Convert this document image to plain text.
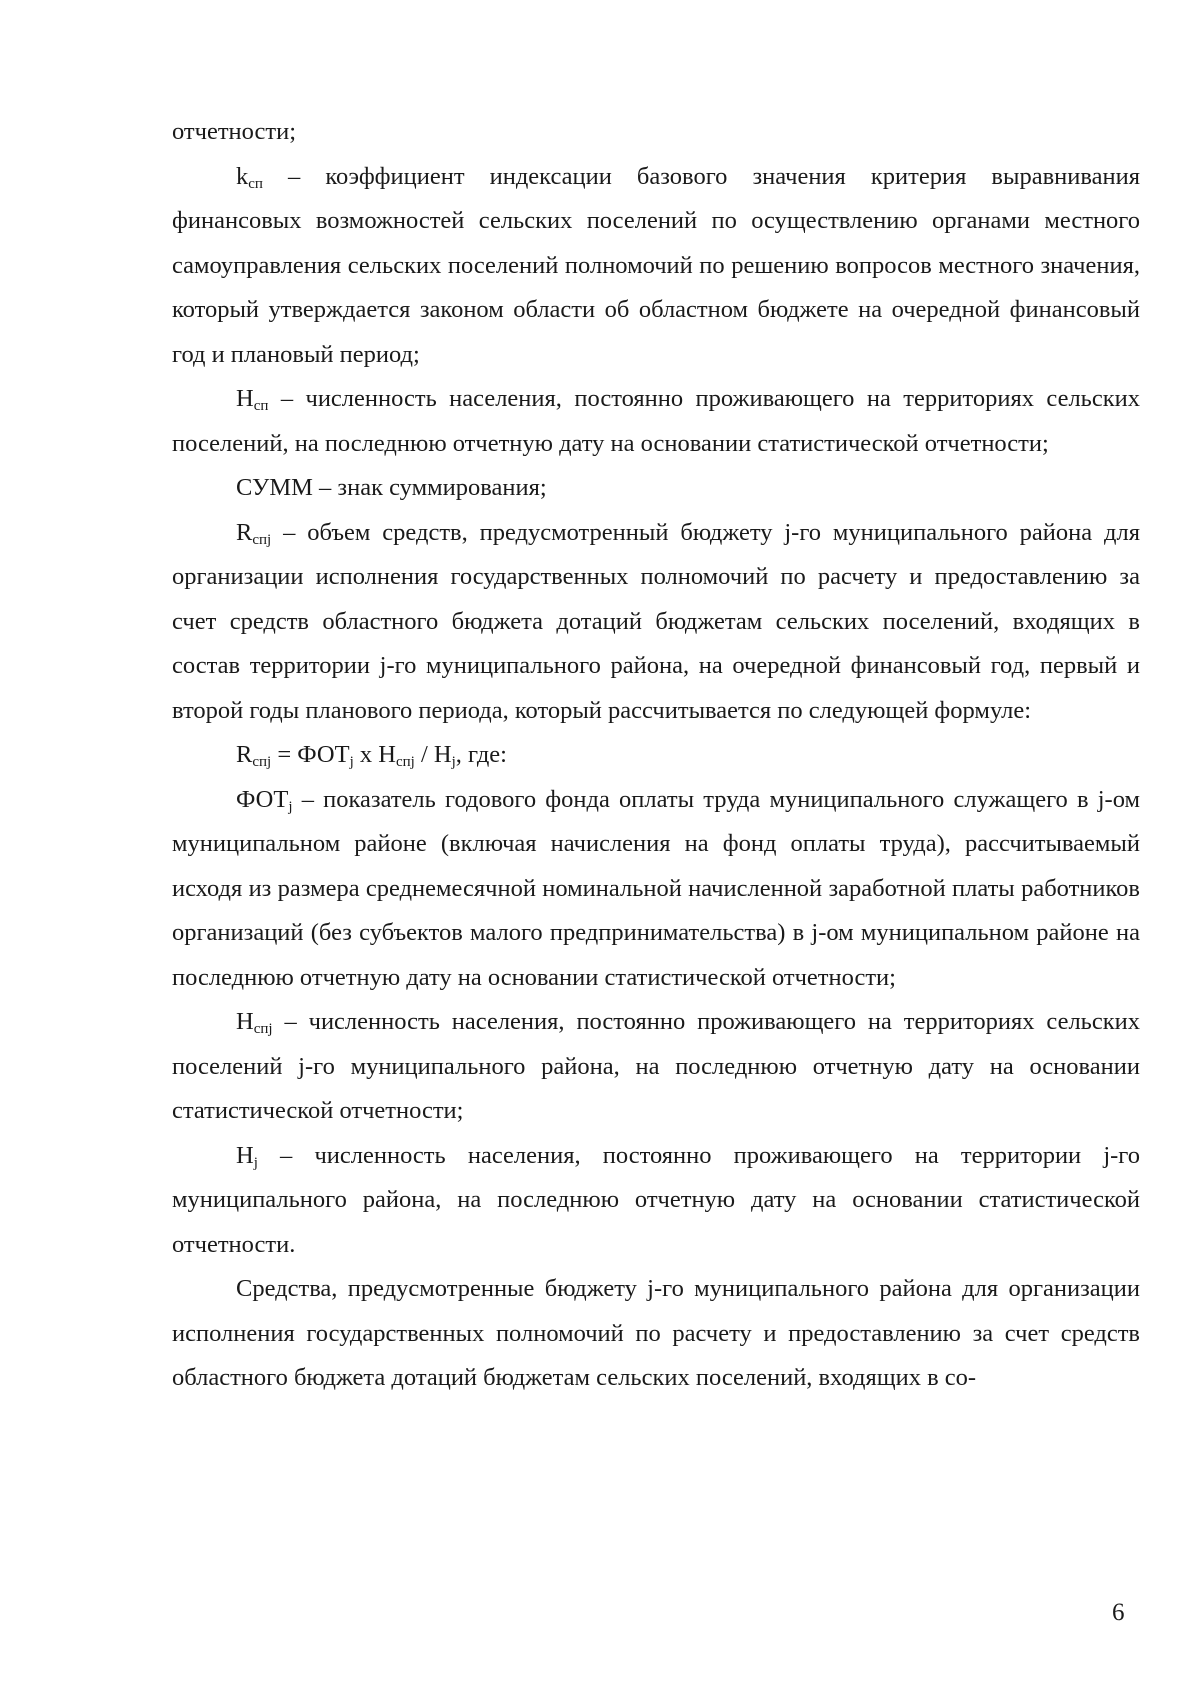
отчетности;

$k_{сп}$ – коэффициент индексации базового значения критерия выравнивания финансовых возможностей сельских поселений по осуществлению органами местного самоуправления сельских поселений полномочий по решению вопросов местного значения, который утверждается законом области об областном бюджете на очередной финансовый год и плановый период;

$Н_{сп}$ – численность населения, постоянно проживающего на территориях сельских поселений, на последнюю отчетную дату на основании статистической отчетности;

СУММ – знак суммирования;

$R_{спj}$ – объем средств, предусмотренный бюджету j-го муниципального района для организации исполнения государственных полномочий по расчету и предоставлению за счет средств областного бюджета дотаций бюджетам сельских поселений, входящих в состав территории j-го муниципального района, на очередной финансовый год, первый и второй годы планового периода, который рассчитывается по следующей формуле:

$R_{спj} = ФОТ_j$ х $Н_{спj} / Н_j$, где:

$ФОТ_j$ – показатель годового фонда оплаты труда муниципального служащего в j-ом муниципальном районе (включая начисления на фонд оплаты труда), рассчитываемый исходя из размера среднемесячной номинальной начисленной заработной платы работников организаций (без субъектов малого предпринимательства) в j-ом муниципальном районе на последнюю отчетную дату на основании статистической отчетности;

$Н_{спj}$ – численность населения, постоянно проживающего на территориях сельских поселений j-го муниципального района, на последнюю отчетную дату на основании статистической отчетности;

$Н_j$ – численность населения, постоянно проживающего на территории j-го муниципального района, на последнюю отчетную дату на основании статистической отчетности.

Средства, предусмотренные бюджету j-го муниципального района для организации исполнения государственных полномочий по расчету и предоставлению за счет средств областного бюджета дотаций бюджетам сельских поселений, входящих в со-

6
